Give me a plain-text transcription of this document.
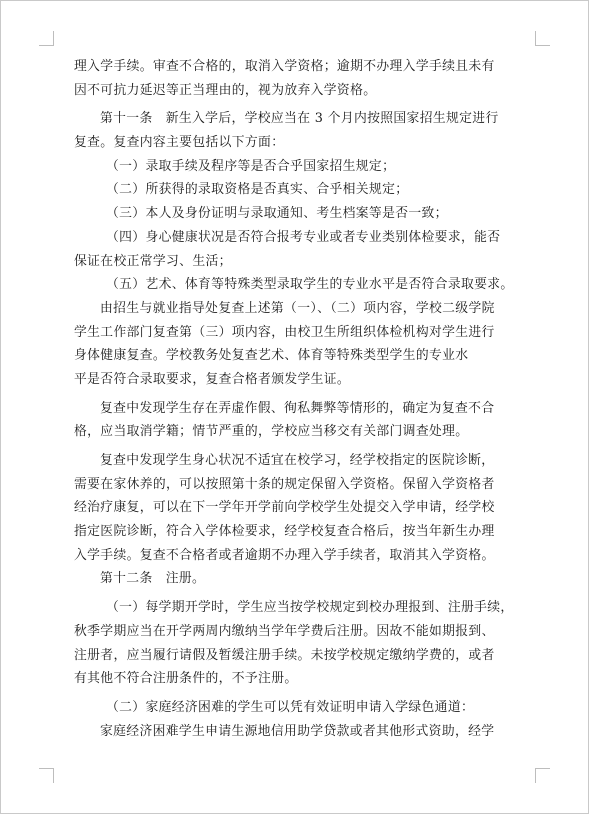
理入学手续。审查不合格的，取消入学资格；逾期不办理入学手续且未有
因不可抗力延迟等正当理由的，视为放弃入学资格。
第十一条　新生入学后，学校应当在 3 个月内按照国家招生规定进行
复查。复查内容主要包括以下方面：
（一）录取手续及程序等是否合乎国家招生规定；
（二）所获得的录取资格是否真实、合乎相关规定；
（三）本人及身份证明与录取通知、考生档案等是否一致；
（四）身心健康状况是否符合报考专业或者专业类别体检要求，能否
保证在校正常学习、生活；
（五）艺术、体育等特殊类型录取学生的专业水平是否符合录取要求。
由招生与就业指导处复查上述第（一）、（二）项内容，学校二级学院
学生工作部门复查第（三）项内容，由校卫生所组织体检机构对学生进行
身体健康复查。学校教务处复查艺术、体育等特殊类型学生的专业水
平是否符合录取要求，复查合格者颁发学生证。
复查中发现学生存在弄虚作假、徇私舞弊等情形的，确定为复查不合
格，应当取消学籍；情节严重的，学校应当移交有关部门调查处理。
复查中发现学生身心状况不适宜在校学习，经学校指定的医院诊断，
需要在家休养的，可以按照第十条的规定保留入学资格。保留入学资格者
经治疗康复，可以在下一学年开学前向学校学生处提交入学申请，经学校
指定医院诊断，符合入学体检要求，经学校复查合格后，按当年新生办理
入学手续。复查不合格者或者逾期不办理入学手续者，取消其入学资格。
第十二条　注册。
（一）每学期开学时，学生应当按学校规定到校办理报到、注册手续，
秋季学期应当在开学两周内缴纳当学年学费后注册。因故不能如期报到、
注册者，应当履行请假及暂缓注册手续。未按学校规定缴纳学费的，或者
有其他不符合注册条件的，不予注册。
（二）家庭经济困难的学生可以凭有效证明申请入学绿色通道：
家庭经济困难学生申请生源地信用助学贷款或者其他形式资助，经学
